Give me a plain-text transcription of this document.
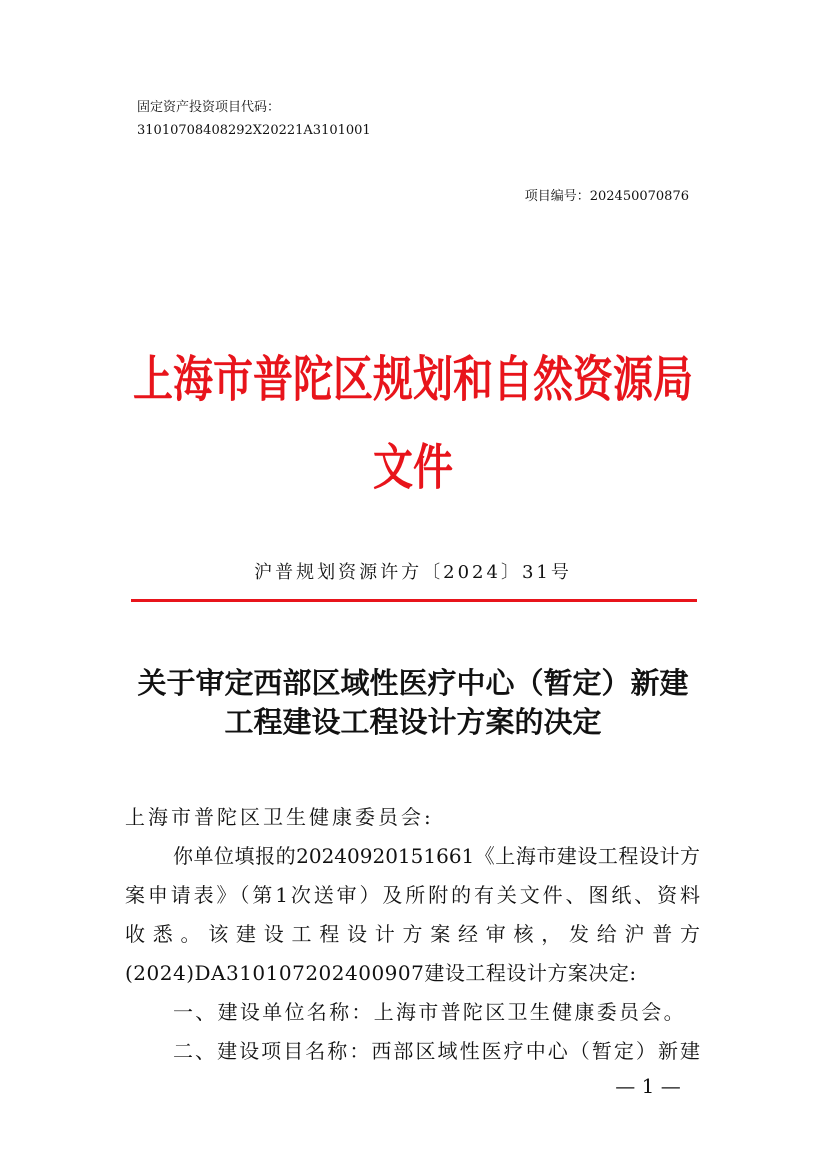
固定资产投资项目代码：
31010708408292X20221A3101001
项目编号：202450070876
上海市普陀区规划和自然资源局
文件
沪普规划资源许方〔2024〕31号
关于审定西部区域性医疗中心（暂定）新建
工程建设工程设计方案的决定
上海市普陀区卫生健康委员会:
你单位填报的20240920151661《上海市建设工程设计方
案申请表》（第1次送审）及所附的有关文件、图纸、资料
收悉。该建设工程设计方案经审核，发给沪普方
(2024)DA310107202400907建设工程设计方案决定:
一、建设单位名称：上海市普陀区卫生健康委员会。
二、建设项目名称：西部区域性医疗中心（暂定）新建
— 1 —
